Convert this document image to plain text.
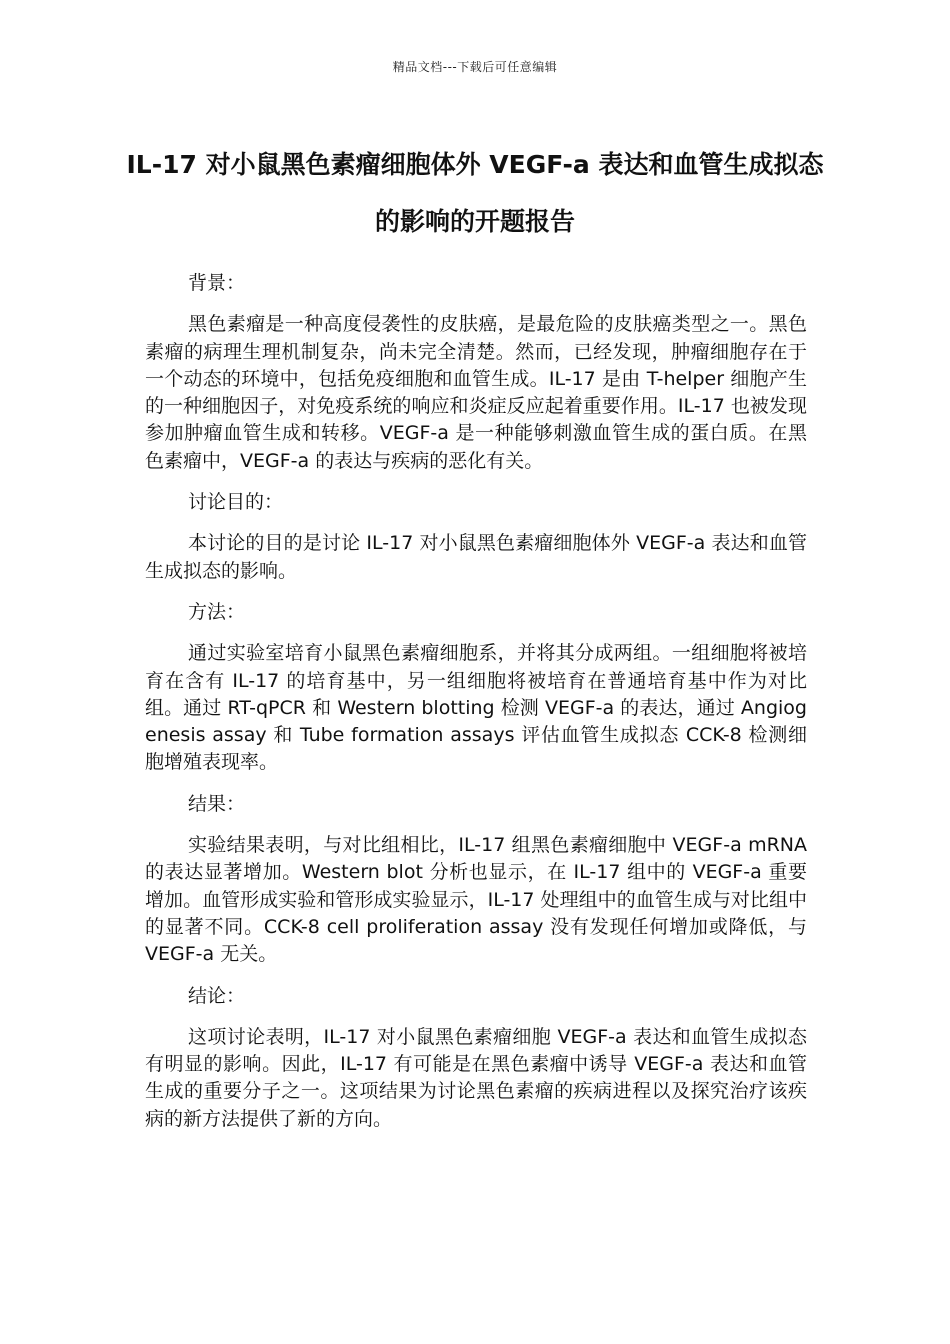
精品文档---下载后可任意编辑
IL-17 对小鼠黑色素瘤细胞体外 VEGF-a 表达和血管生成拟态的影响的开题报告

背景：

黑色素瘤是一种高度侵袭性的皮肤癌，是最危险的皮肤癌类型之一。黑色素瘤的病理生理机制复杂，尚未完全清楚。然而，已经发现，肿瘤细胞存在于一个动态的环境中，包括免疫细胞和血管生成。IL-17 是由 T-helper 细胞产生的一种细胞因子，对免疫系统的响应和炎症反应起着重要作用。IL-17 也被发现参加肿瘤血管生成和转移。VEGF-a 是一种能够刺激血管生成的蛋白质。在黑色素瘤中，VEGF-a 的表达与疾病的恶化有关。

讨论目的：

本讨论的目的是讨论 IL-17 对小鼠黑色素瘤细胞体外 VEGF-a 表达和血管生成拟态的影响。

方法：

通过实验室培育小鼠黑色素瘤细胞系，并将其分成两组。一组细胞将被培育在含有 IL-17 的培育基中，另一组细胞将被培育在普通培育基中作为对比组。通过 RT-qPCR 和 Western blotting 检测 VEGF-a 的表达，通过 Angiogenesis assay 和 Tube formation assays 评估血管生成拟态 CCK-8 检测细胞增殖表现率。

结果：

实验结果表明，与对比组相比，IL-17 组黑色素瘤细胞中 VEGF-a mRNA 的表达显著增加。Western blot 分析也显示，在 IL-17 组中的 VEGF-a 重要增加。血管形成实验和管形成实验显示，IL-17 处理组中的血管生成与对比组中的显著不同。CCK-8 cell proliferation assay 没有发现任何增加或降低，与 VEGF-a 无关。

结论：

这项讨论表明，IL-17 对小鼠黑色素瘤细胞 VEGF-a 表达和血管生成拟态有明显的影响。因此，IL-17 有可能是在黑色素瘤中诱导 VEGF-a 表达和血管生成的重要分子之一。这项结果为讨论黑色素瘤的疾病进程以及探究治疗该疾病的新方法提供了新的方向。
